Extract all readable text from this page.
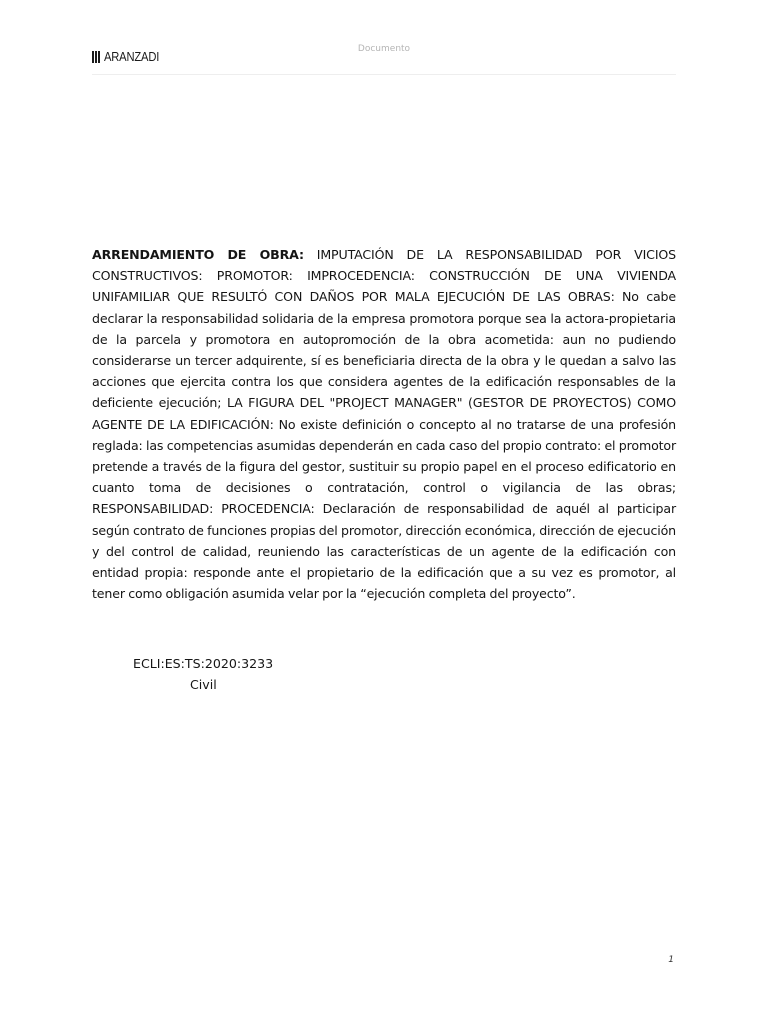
ARANZADI	Documento

ARRENDAMIENTO DE OBRA: IMPUTACIÓN DE LA RESPONSABILIDAD POR VICIOS CONSTRUCTIVOS: PROMOTOR: IMPROCEDENCIA: CONSTRUCCIÓN DE UNA VIVIENDA UNIFAMILIAR QUE RESULTÓ CON DAÑOS POR MALA EJECUCIÓN DE LAS OBRAS: No cabe declarar la responsabilidad solidaria de la empresa promotora porque sea la actora-propietaria de la parcela y promotora en autopromoción de la obra acometida: aun no pudiendo considerarse un tercer adquirente, sí es beneficiaria directa de la obra y le quedan a salvo las acciones que ejercita contra los que considera agentes de la edificación responsables de la deficiente ejecución; LA FIGURA DEL "PROJECT MANAGER" (GESTOR DE PROYECTOS) COMO AGENTE DE LA EDIFICACIÓN: No existe definición o concepto al no tratarse de una profesión reglada: las competencias asumidas dependerán en cada caso del propio contrato: el promotor pretende a través de la figura del gestor, sustituir su propio papel en el proceso edificatorio en cuanto toma de decisiones o contratación, control o vigilancia de las obras; RESPONSABILIDAD: PROCEDENCIA: Declaración de responsabilidad de aquél al participar según contrato de funciones propias del promotor, dirección económica, dirección de ejecución y del control de calidad, reuniendo las características de un agente de la edificación con entidad propia: responde ante el propietario de la edificación que a su vez es promotor, al tener como obligación asumida velar por la “ejecución completa del proyecto”.

ECLI:ES:TS:2020:3233
Civil
1
